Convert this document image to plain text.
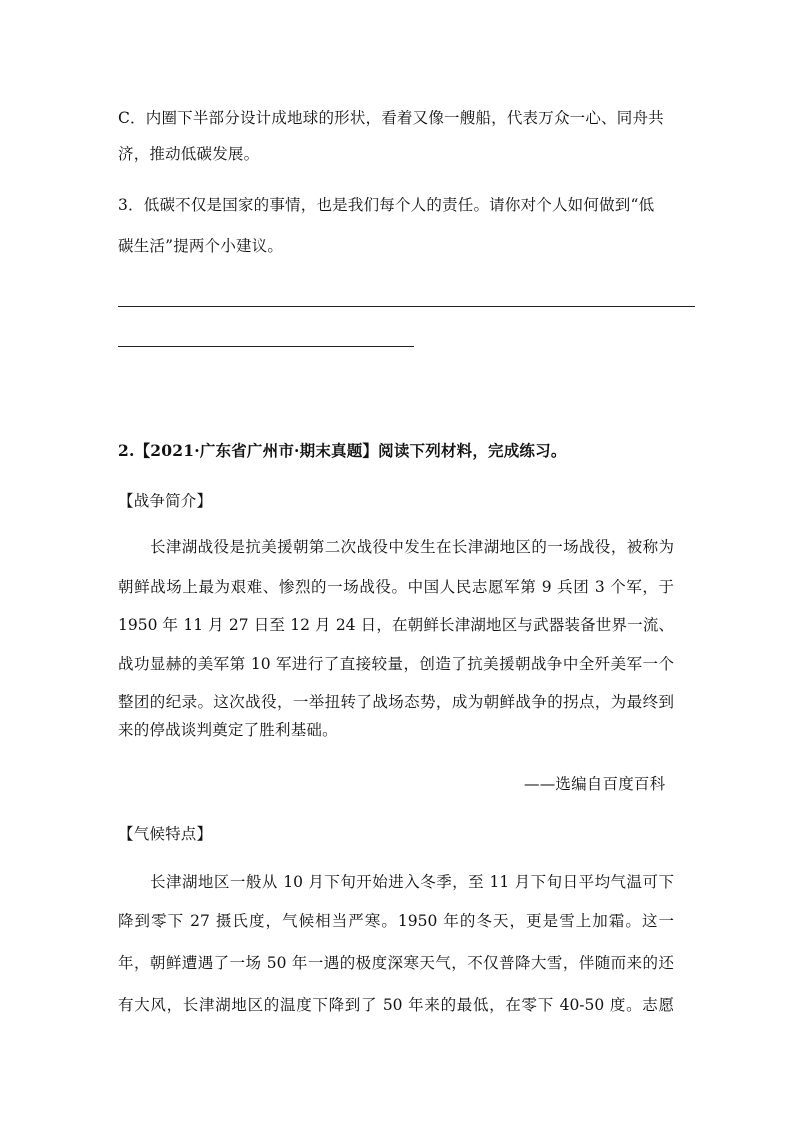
C．内圈下半部分设计成地球的形状，看着又像一艘船，代表万众一心、同舟共
济，推动低碳发展。
3．低碳不仅是国家的事情，也是我们每个人的责任。请你对个人如何做到“低
碳生活”提两个小建议。
2.【2021·广东省广州市·期末真题】阅读下列材料，完成练习。
【战争简介】
长津湖战役是抗美援朝第二次战役中发生在长津湖地区的一场战役，被称为
朝鲜战场上最为艰难、惨烈的一场战役。中国人民志愿军第 9 兵团 3 个军，于
1950 年 11 月 27 日至 12 月 24 日，在朝鲜长津湖地区与武器装备世界一流、
战功显赫的美军第 10 军进行了直接较量，创造了抗美援朝战争中全歼美军一个
整团的纪录。这次战役，一举扭转了战场态势，成为朝鲜战争的拐点，为最终到
来的停战谈判奠定了胜利基础。
——选编自百度百科
【气候特点】
长津湖地区一般从 10 月下旬开始进入冬季，至 11 月下旬日平均气温可下
降到零下 27 摄氏度，气候相当严寒。1950 年的冬天，更是雪上加霜。这一
年，朝鲜遭遇了一场 50 年一遇的极度深寒天气，不仅普降大雪，伴随而来的还
有大风，长津湖地区的温度下降到了 50 年来的最低，在零下 40-50 度。志愿
